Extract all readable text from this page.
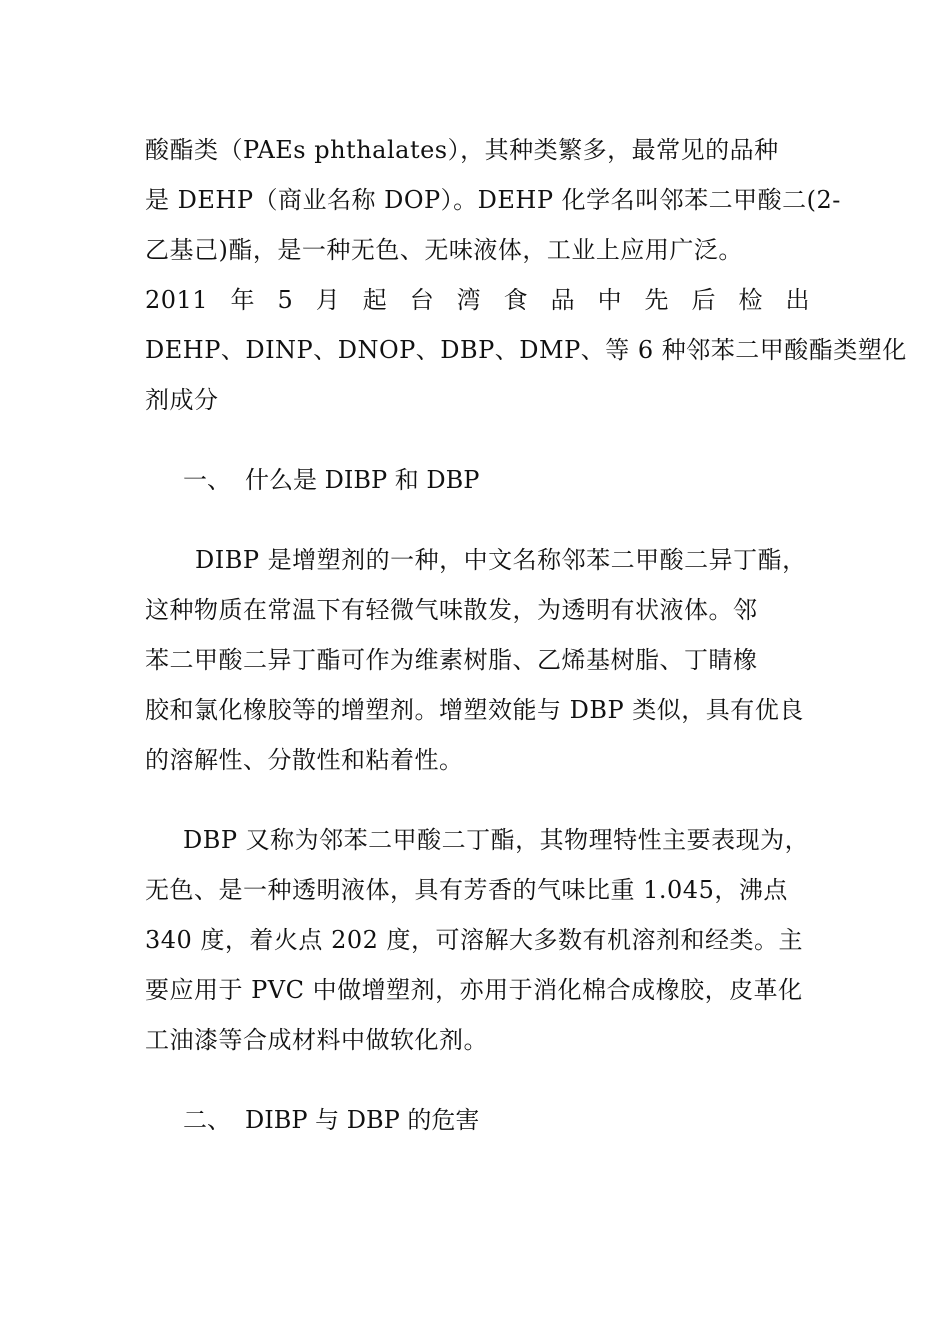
酸酯类（PAEs phthalates），其种类繁多，最常见的品种
是 DEHP（商业名称 DOP）。DEHP 化学名叫邻苯二甲酸二(2-
乙基己)酯，是一种无色、无味液体，工业上应用广泛。
2011 年 5 月 起 台 湾 食 品 中 先 后 检 出
DEHP、DINP、DNOP、DBP、DMP、等 6 种邻苯二甲酸酯类塑化
剂成分

一、 什么是 DIBP 和 DBP

DIBP 是增塑剂的一种，中文名称邻苯二甲酸二异丁酯，
这种物质在常温下有轻微气味散发，为透明有状液体。邻
苯二甲酸二异丁酯可作为维素树脂、乙烯基树脂、丁睛橡
胶和氯化橡胶等的增塑剂。增塑效能与 DBP 类似，具有优良
的溶解性、分散性和粘着性。
DBP 又称为邻苯二甲酸二丁酯，其物理特性主要表现为，
无色、是一种透明液体，具有芳香的气味比重 1.045，沸点
340 度，着火点 202 度，可溶解大多数有机溶剂和经类。主
要应用于 PVC 中做增塑剂，亦用于消化棉合成橡胶，皮革化
工油漆等合成材料中做软化剂。

二、 DIBP 与 DBP 的危害
